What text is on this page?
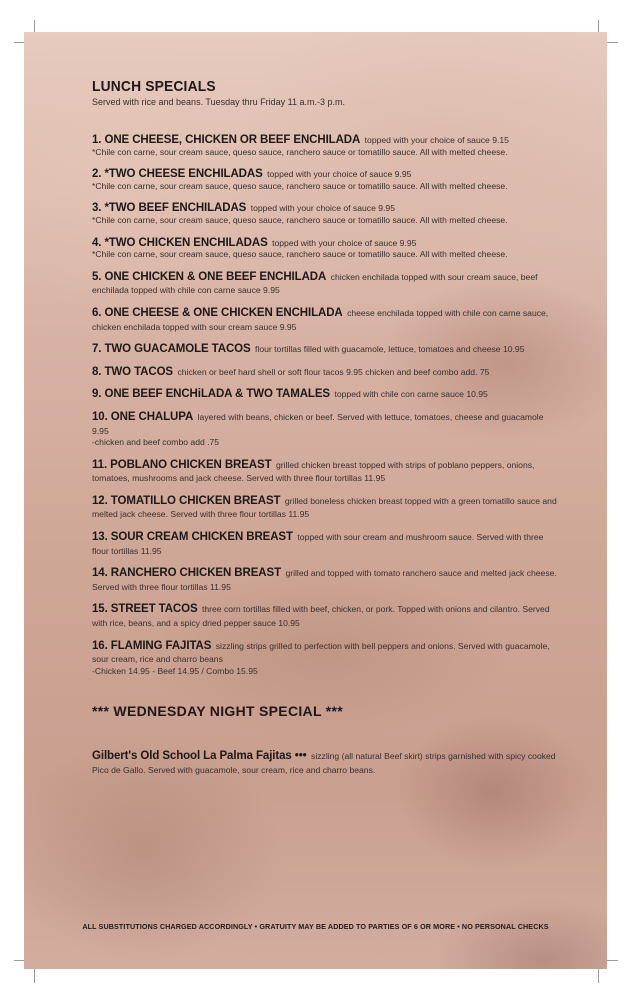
LUNCH SPECIALS
Served with rice and beans. Tuesday thru Friday 11 a.m.-3 p.m.
1. ONE CHEESE, CHICKEN OR BEEF ENCHILADA topped with your choice of sauce 9.15
*Chile con carne, sour cream sauce, queso sauce, ranchero sauce or tomatillo sauce. All with melted cheese.
2. *TWO CHEESE ENCHILADAS topped with your choice of sauce 9.95
*Chile con carne, sour cream sauce, queso sauce, ranchero sauce or tomatillo sauce. All with melted cheese.
3. *TWO BEEF ENCHILADAS topped with your choice of sauce 9.95
*Chile con carne, sour cream sauce, queso sauce, ranchero sauce or tomatillo sauce. All with melted cheese.
4. *TWO CHICKEN ENCHILADAS topped with your choice of sauce 9.95
*Chile con carne, sour cream sauce, queso sauce, ranchero sauce or tomatillo sauce. All with melted cheese.
5. ONE CHICKEN & ONE BEEF ENCHILADA chicken enchilada topped with sour cream sauce, beef enchilada topped with chile con carne sauce 9.95
6. ONE CHEESE & ONE CHICKEN ENCHILADA cheese enchilada topped with chile con carne sauce, chicken enchilada topped with sour cream sauce 9.95
7. TWO GUACAMOLE TACOS flour tortillas filled with guacamole, lettuce, tomatoes and cheese 10.95
8. TWO TACOS chicken or beef hard shell or soft flour tacos 9.95 chicken and beef combo add. 75
9. ONE BEEF ENCHiLADA & TWO TAMALES topped with chile con carne sauce 10.95
10. ONE CHALUPA layered with beans, chicken or beef. Served with lettuce, tomatoes, cheese and guacamole 9.95
-chicken and beef combo add .75
11. POBLANO CHICKEN BREAST grilled chicken breast topped with strips of poblano peppers, onions, tomatoes, mushrooms and jack cheese. Served with three flour tortillas 11.95
12. TOMATILLO CHICKEN BREAST grilled boneless chicken breast topped with a green tomatillo sauce and melted jack cheese. Served with three flour tortillas 11.95
13. SOUR CREAM CHICKEN BREAST topped with sour cream and mushroom sauce. Served with three flour tortillas 11.95
14. RANCHERO CHICKEN BREAST grilled and topped with tomato ranchero sauce and melted jack cheese. Served with three flour tortillas 11.95
15. STREET TACOS three corn tortillas filled with beef, chicken, or pork. Topped with onions and cilantro. Served with rice, beans, and a spicy dried pepper sauce 10.95
16. FLAMING FAJITAS sizzling strips grilled to perfection with bell peppers and onions. Served with guacamole, sour cream, rice and charro beans
-Chicken 14.95 - Beef 14.95 / Combo 15.95
*** WEDNESDAY NIGHT SPECIAL ***
Gilbert's Old School La Palma Fajitas ••• sizzling (all natural Beef skirt) strips garnished with spicy cooked Pico de Gallo. Served with guacamole, sour cream, rice and charro beans.
ALL SUBSTITUTIONS CHARGED ACCORDINGLY • GRATUITY MAY BE ADDED TO PARTIES OF 6 OR MORE • NO PERSONAL CHECKS
